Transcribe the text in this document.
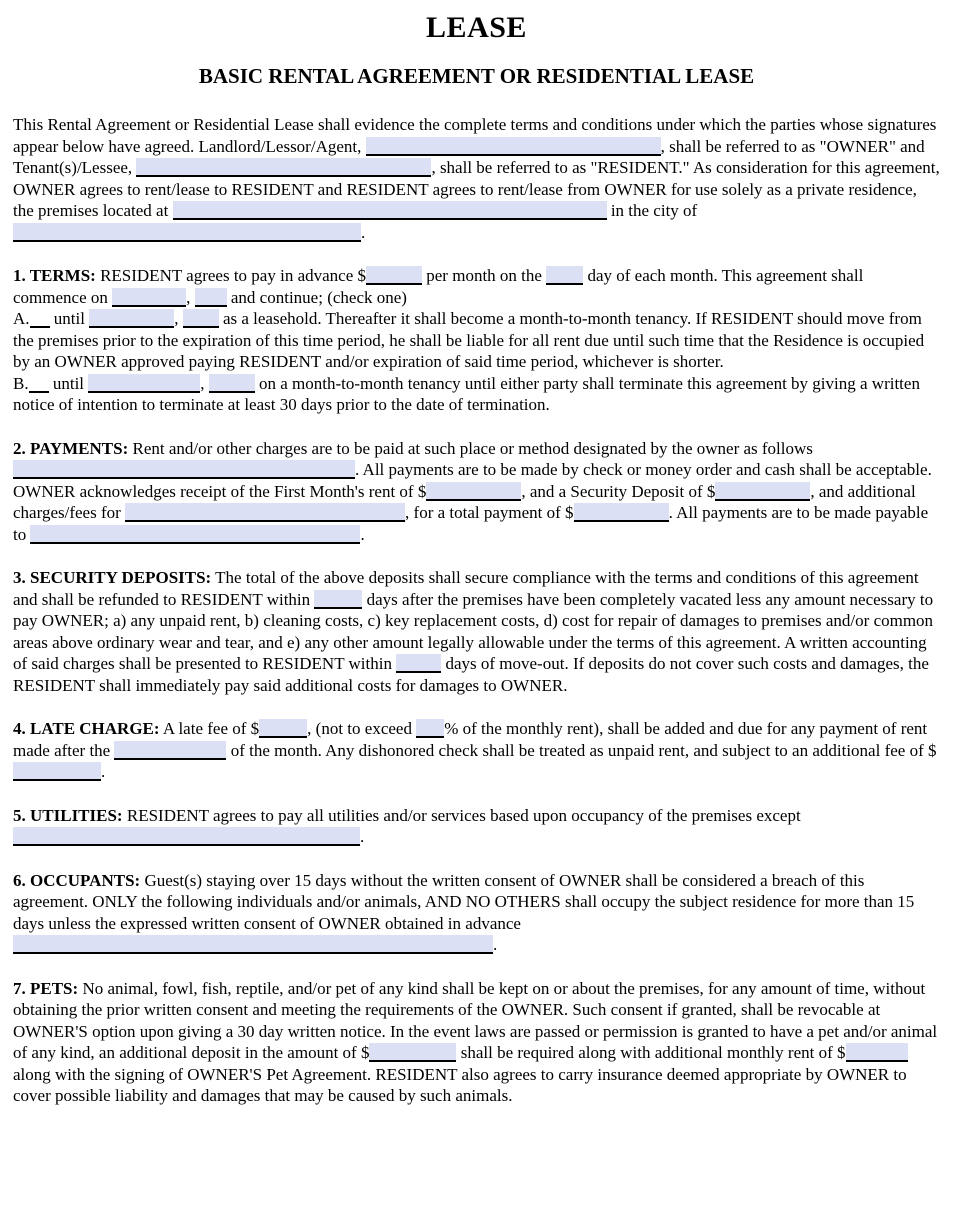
LEASE
BASIC RENTAL AGREEMENT OR RESIDENTIAL LEASE

This Rental Agreement or Residential Lease shall evidence the complete terms and conditions under which the parties whose signatures appear below have agreed. Landlord/Lessor/Agent,	, shall be referred to as "OWNER" and Tenant(s)/Lessee,	, shall be referred to as "RESIDENT." As consideration for this agreement, OWNER agrees to rent/lease to RESIDENT and RESIDENT agrees to rent/lease from OWNER for use solely as a private residence, the premises located at	in the city of .

1. TERMS: RESIDENT agrees to pay in advance $	per month on the  day of each month. This agreement shall commence on	,  and continue; (check one)
A. until	,  as a leasehold. Thereafter it shall become a month-to-month tenancy. If RESIDENT should move from the premises prior to the expiration of this time period, he shall be liable for all rent due until such time that the Residence is occupied by an OWNER approved paying RESIDENT and/or expiration of said time period, whichever is shorter.
B. until	,	on a month-to-month tenancy until either party shall terminate this agreement by giving a written notice of intention to terminate at least 30 days prior to the date of termination.

2. PAYMENTS: Rent and/or other charges are to be paid at such place or method designated by the owner as follows . All payments are to be made by check or money order and cash shall be acceptable. OWNER acknowledges receipt of the First Month's rent of $	, and a Security Deposit of $	, and additional charges/fees for	, for a total payment of $	. All payments are to be made payable to	.

3. SECURITY DEPOSITS: The total of the above deposits shall secure compliance with the terms and conditions of this agreement and shall be refunded to RESIDENT within	days after the premises have been completely vacated less any amount necessary to pay OWNER; a) any unpaid rent, b) cleaning costs, c) key replacement costs, d) cost for repair of damages to premises and/or common areas above ordinary wear and tear, and e) any other amount legally allowable under the terms of this agreement. A written accounting of said charges shall be presented to RESIDENT within	days of move-out. If deposits do not cover such costs and damages, the RESIDENT shall immediately pay said additional costs for damages to OWNER.

4. LATE CHARGE: A late fee of $	, (not to exceed % of the monthly rent), shall be added and due for any payment of rent made after the	of the month. Any dishonored check shall be treated as unpaid rent, and subject to an additional fee of $.

5. UTILITIES: RESIDENT agrees to pay all utilities and/or services based upon occupancy of the premises except .

6. OCCUPANTS: Guest(s) staying over 15 days without the written consent of OWNER shall be considered a breach of this agreement. ONLY the following individuals and/or animals, AND NO OTHERS shall occupy the subject residence for more than 15 days unless the expressed written consent of OWNER obtained in advance .

7. PETS: No animal, fowl, fish, reptile, and/or pet of any kind shall be kept on or about the premises, for any amount of time, without obtaining the prior written consent and meeting the requirements of the OWNER. Such consent if granted, shall be revocable at OWNER'S option upon giving a 30 day written notice. In the event laws are passed or permission is granted to have a pet and/or animal of any kind, an additional deposit in the amount of $	shall be required along with additional monthly rent of $ along with the signing of OWNER'S Pet Agreement. RESIDENT also agrees to carry insurance deemed appropriate by OWNER to cover possible liability and damages that may be caused by such animals.
